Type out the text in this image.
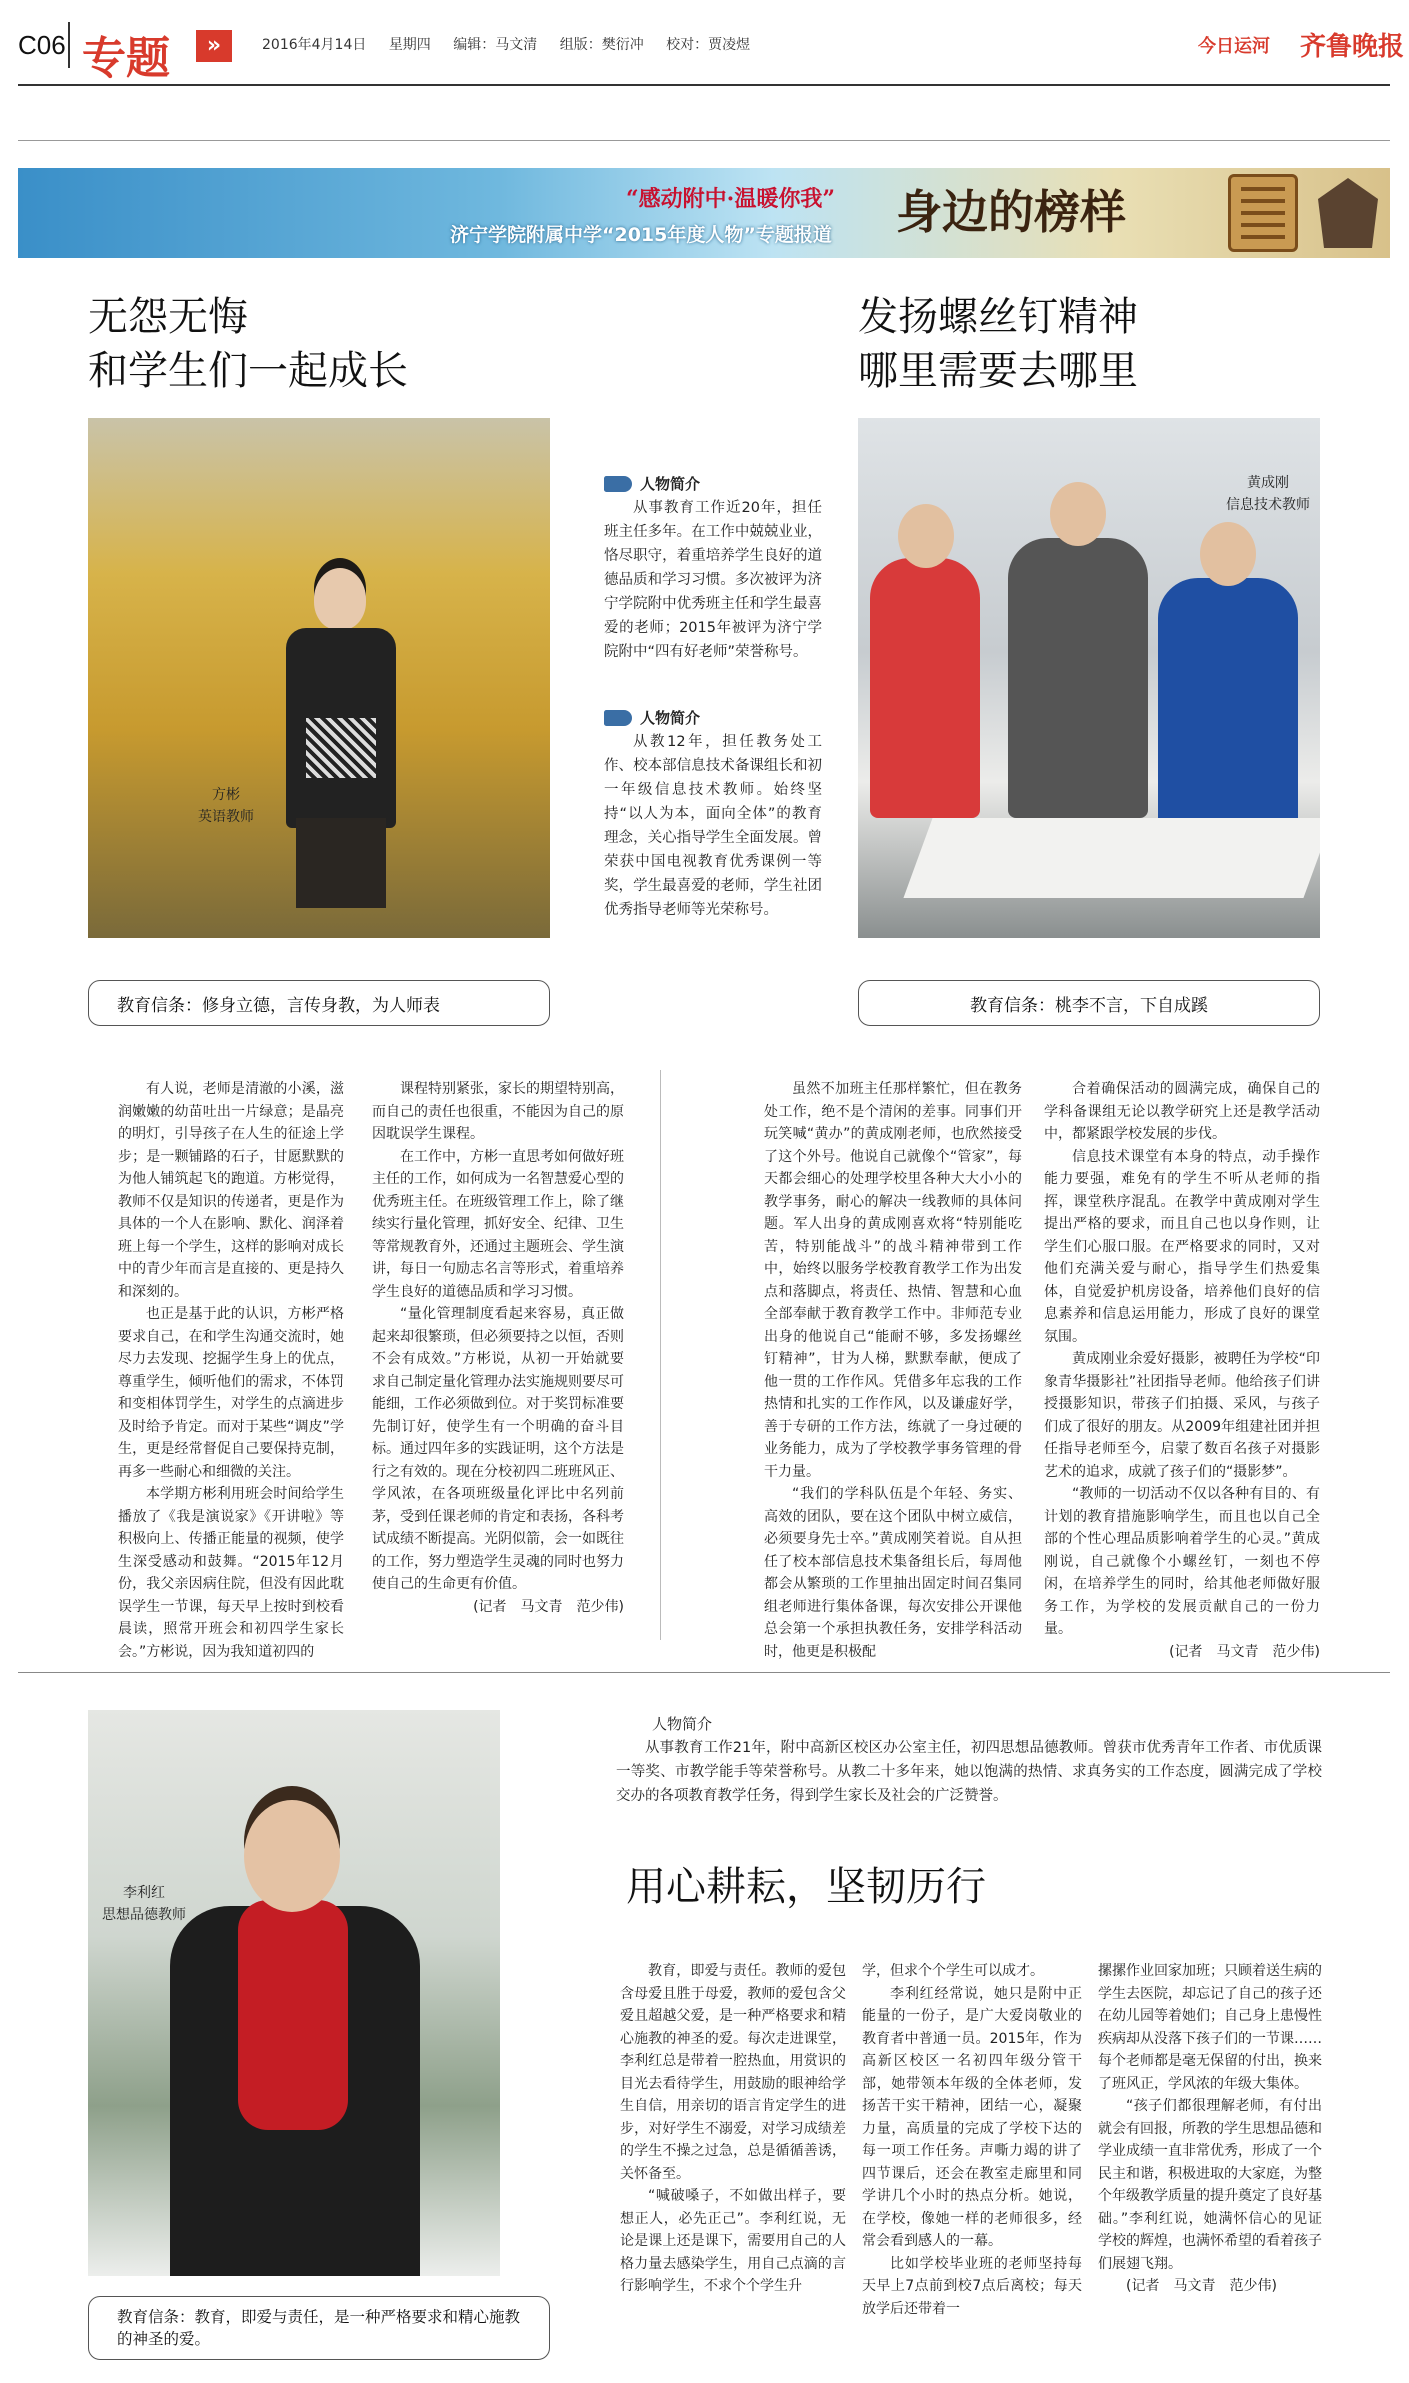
C06 专题	»	2016年4月14日 星期四 编辑：马文清 组版：樊衍冲 校对：贾凌煜	今日运河 齐鲁晚报
“感动附中·温暖你我”
济宁学院附属中学“2015年度人物”专题报道 身边的榜样
无怨无悔
和学生们一起成长
方彬
英语教师
发扬螺丝钉精神
哪里需要去哪里
黄成刚
信息技术教师
人物简介

从事教育工作近20年，担任班主任多年。在工作中兢兢业业，恪尽职守，着重培养学生良好的道德品质和学习习惯。多次被评为济宁学院附中优秀班主任和学生最喜爱的老师；2015年被评为济宁学院附中“四有好老师”荣誉称号。

人物简介

从教12年，担任教务处工作、校本部信息技术备课组长和初一年级信息技术教师。始终坚持“以人为本，面向全体”的教育理念，关心指导学生全面发展。曾荣获中国电视教育优秀课例一等奖，学生最喜爱的老师，学生社团优秀指导老师等光荣称号。

教育信条：修身立德，言传身教，为人师表	教育信条：桃李不言，下自成蹊

有人说，老师是清澈的小溪，滋润嫩嫩的幼苗吐出一片绿意；是晶亮的明灯，引导孩子在人生的征途上学步；是一颗铺路的石子，甘愿默默的为他人铺筑起飞的跑道。方彬觉得，教师不仅是知识的传递者，更是作为具体的一个人在影响、默化、润泽着班上每一个学生，这样的影响对成长中的青少年而言是直接的、更是持久和深刻的。

也正是基于此的认识，方彬严格要求自己，在和学生沟通交流时，她尽力去发现、挖掘学生身上的优点，尊重学生，倾听他们的需求，不体罚和变相体罚学生，对学生的点滴进步及时给予肯定。而对于某些“调皮”学生，更是经常督促自己要保持克制，再多一些耐心和细微的关注。

本学期方彬利用班会时间给学生播放了《我是演说家》《开讲啦》等积极向上、传播正能量的视频，使学生深受感动和鼓舞。“2015年12月份，我父亲因病住院，但没有因此耽误学生一节课，每天早上按时到校看晨读，照常开班会和初四学生家长会。”方彬说，因为我知道初四的

课程特别紧张，家长的期望特别高，而自己的责任也很重，不能因为自己的原因耽误学生课程。

在工作中，方彬一直思考如何做好班主任的工作，如何成为一名智慧爱心型的优秀班主任。在班级管理工作上，除了继续实行量化管理，抓好安全、纪律、卫生等常规教育外，还通过主题班会、学生演讲，每日一句励志名言等形式，着重培养学生良好的道德品质和学习习惯。

“量化管理制度看起来容易，真正做起来却很繁琐，但必须要持之以恒，否则不会有成效。”方彬说，从初一开始就要求自己制定量化管理办法实施规则要尽可能细，工作必须做到位。对于奖罚标准要先制订好，使学生有一个明确的奋斗目标。通过四年多的实践证明，这个方法是行之有效的。现在分校初四二班班风正、学风浓，在各项班级量化评比中名列前茅，受到任课老师的肯定和表扬，各科考试成绩不断提高。光阴似箭，会一如既往的工作，努力塑造学生灵魂的同时也努力使自己的生命更有价值。

(记者　马文青　范少伟)

虽然不加班主任那样繁忙，但在教务处工作，绝不是个清闲的差事。同事们开玩笑喊“黄办”的黄成刚老师，也欣然接受了这个外号。他说自己就像个“管家”，每天都会细心的处理学校里各种大大小小的教学事务，耐心的解决一线教师的具体问题。军人出身的黄成刚喜欢将“特别能吃苦，特别能战斗”的战斗精神带到工作中，始终以服务学校教育教学工作为出发点和落脚点，将责任、热情、智慧和心血全部奉献于教育教学工作中。非师范专业出身的他说自己“能耐不够，多发扬螺丝钉精神”，甘为人梯，默默奉献，便成了他一贯的工作作风。凭借多年忘我的工作热情和扎实的工作作风，以及谦虚好学，善于专研的工作方法，练就了一身过硬的业务能力，成为了学校教学事务管理的骨干力量。

“我们的学科队伍是个年轻、务实、高效的团队，要在这个团队中树立威信，必须要身先士卒。”黄成刚笑着说。自从担任了校本部信息技术集备组长后，每周他都会从繁琐的工作里抽出固定时间召集同组老师进行集体备课，每次安排公开课他总会第一个承担执教任务，安排学科活动时，他更是积极配

合着确保活动的圆满完成，确保自己的学科备课组无论以教学研究上还是教学活动中，都紧跟学校发展的步伐。

信息技术课堂有本身的特点，动手操作能力要强，难免有的学生不听从老师的指挥，课堂秩序混乱。在教学中黄成刚对学生提出严格的要求，而且自己也以身作则，让学生们心服口服。在严格要求的同时，又对他们充满关爱与耐心，指导学生们热爱集体，自觉爱护机房设备，培养他们良好的信息素养和信息运用能力，形成了良好的课堂氛围。

黄成刚业余爱好摄影，被聘任为学校“印象青华摄影社”社团指导老师。他给孩子们讲授摄影知识，带孩子们拍摄、采风，与孩子们成了很好的朋友。从2009年组建社团并担任指导老师至今，启蒙了数百名孩子对摄影艺术的追求，成就了孩子们的“摄影梦”。

“教师的一切活动不仅以各种有目的、有计划的教育措施影响学生，而且也以自己全部的个性心理品质影响着学生的心灵。”黄成刚说，自己就像个小螺丝钉，一刻也不停闲，在培养学生的同时，给其他老师做好服务工作，为学校的发展贡献自己的一份力量。

(记者　马文青　范少伟)

李利红
思想品德教师
人物简介

从事教育工作21年，附中高新区校区办公室主任，初四思想品德教师。曾获市优秀青年工作者、市优质课一等奖、市教学能手等荣誉称号。从教二十多年来，她以饱满的热情、求真务实的工作态度，圆满完成了学校交办的各项教育教学任务，得到学生家长及社会的广泛赞誉。

用心耕耘，坚韧历行

教育，即爱与责任。教师的爱包含母爱且胜于母爱，教师的爱包含父爱且超越父爱，是一种严格要求和精心施教的神圣的爱。每次走进课堂，李利红总是带着一腔热血，用赏识的目光去看待学生，用鼓励的眼神给学生自信，用亲切的语言肯定学生的进步，对好学生不溺爱，对学习成绩差的学生不操之过急，总是循循善诱，关怀备至。

“喊破嗓子，不如做出样子，要想正人，必先正己”。李利红说，无论是课上还是课下，需要用自己的人格力量去感染学生，用自己点滴的言行影响学生，不求个个学生升

学，但求个个学生可以成才。

李利红经常说，她只是附中正能量的一份子，是广大爱岗敬业的教育者中普通一员。2015年，作为高新区校区一名初四年级分管干部，她带领本年级的全体老师，发扬苦干实干精神，团结一心，凝聚力量，高质量的完成了学校下达的每一项工作任务。声嘶力竭的讲了四节课后，还会在教室走廊里和同学讲几个小时的热点分析。她说，在学校，像她一样的老师很多，经常会看到感人的一幕。

比如学校毕业班的老师坚持每天早上7点前到校7点后离校；每天放学后还带着一

摞摞作业回家加班；只顾着送生病的学生去医院，却忘记了自己的孩子还在幼儿园等着她们；自己身上患慢性疾病却从没落下孩子们的一节课……每个老师都是毫无保留的付出，换来了班风正，学风浓的年级大集体。

“孩子们都很理解老师，有付出就会有回报，所教的学生思想品德和学业成绩一直非常优秀，形成了一个民主和谐，积极进取的大家庭，为整个年级教学质量的提升奠定了良好基础。”李利红说，她满怀信心的见证学校的辉煌，也满怀希望的看着孩子们展翅飞翔。

(记者　马文青　范少伟)

教育信条：教育，即爱与责任，是一种严格要求和精心施教的神圣的爱。
